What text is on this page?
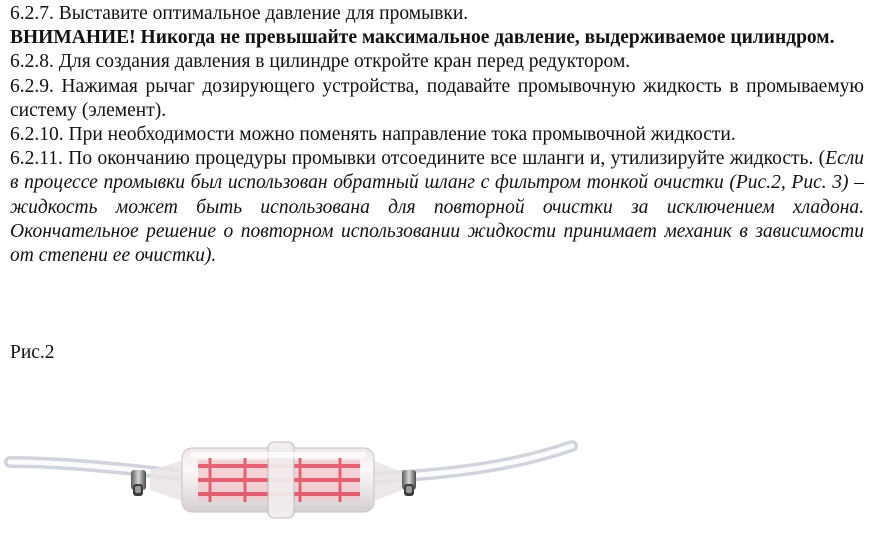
6.2.7. Выставите оптимальное давление для промывки.

ВНИМАНИЕ! Никогда не превышайте максимальное давление, выдерживаемое цилиндром.

6.2.8. Для создания давления в цилиндре откройте кран перед редуктором.

6.2.9. Нажимая рычаг дозирующего устройства, подавайте промывочную жидкость в промываемую систему (элемент).

6.2.10. При необходимости можно поменять направление тока промывочной жидкости.

6.2.11. По окончанию процедуры промывки отсоедините все шланги и, утилизируйте жидкость. (Если в процессе промывки был использован обратный шланг с фильтром тонкой очистки (Рис.2, Рис. 3) – жидкость может быть использована для повторной очистки за исключением хладона. Окончательное решение о повторном использовании жидкости принимает механик в зависимости от степени ее очистки).

Рис.2
